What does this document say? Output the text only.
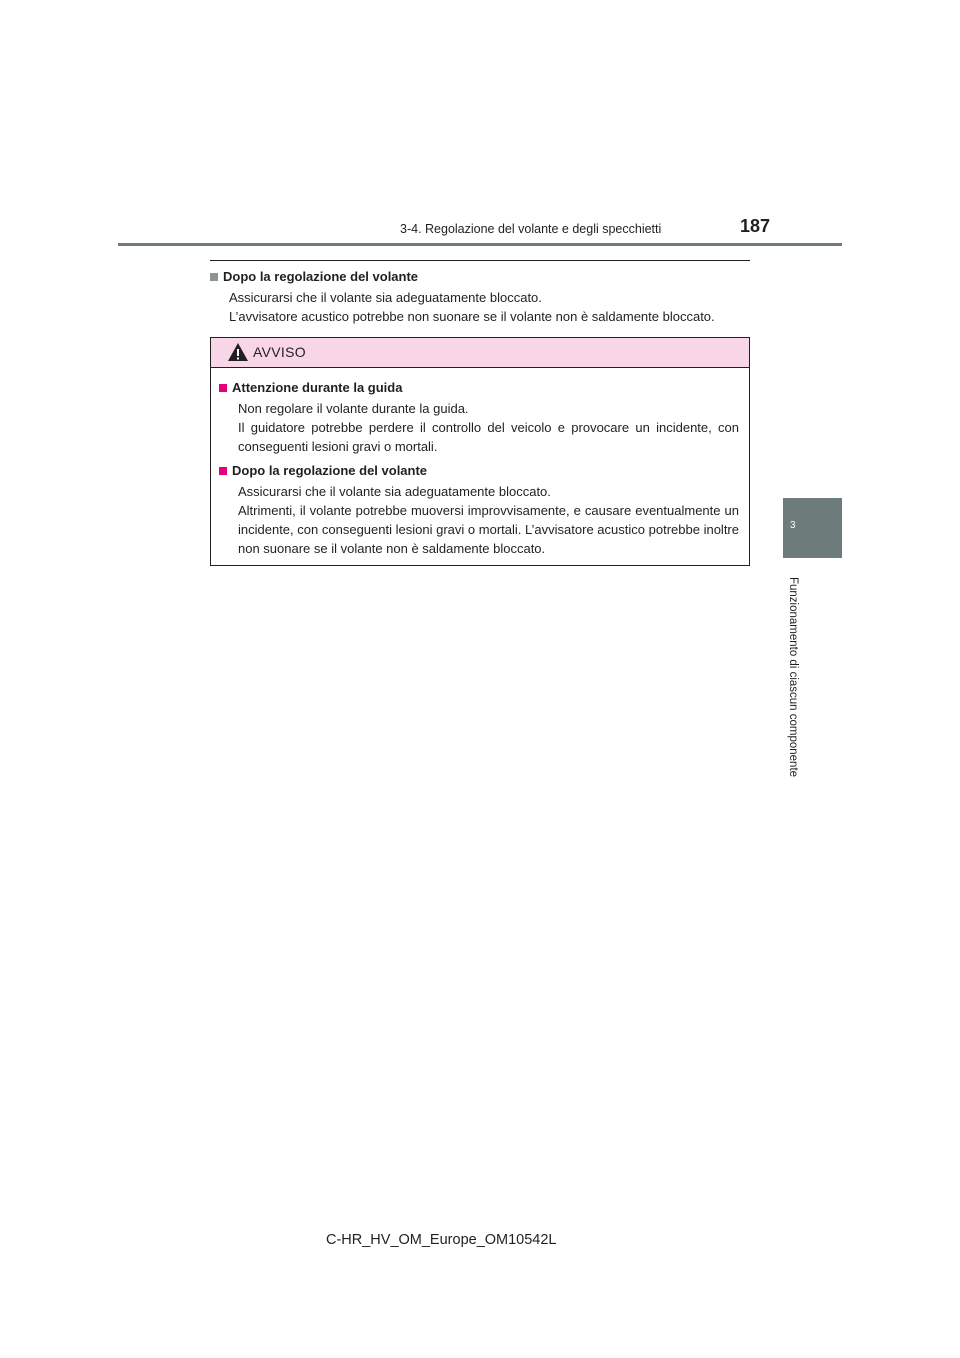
3-4. Regolazione del volante e degli specchietti	187
3
Funzionamento di ciascun componente
Dopo la regolazione del volante

Assicurarsi che il volante sia adeguatamente bloccato.

L’avvisatore acustico potrebbe non suonare se il volante non è saldamente bloccato.

AVVISO
Attenzione durante la guida

Non regolare il volante durante la guida.

Il guidatore potrebbe perdere il controllo del veicolo e provocare un incidente, con conseguenti lesioni gravi o mortali.

Dopo la regolazione del volante

Assicurarsi che il volante sia adeguatamente bloccato.

Altrimenti, il volante potrebbe muoversi improvvisamente, e causare eventualmente un incidente, con conseguenti lesioni gravi o mortali. L’avvisatore acustico potrebbe inoltre non suonare se il volante non è saldamente bloccato.

C-HR_HV_OM_Europe_OM10542L
